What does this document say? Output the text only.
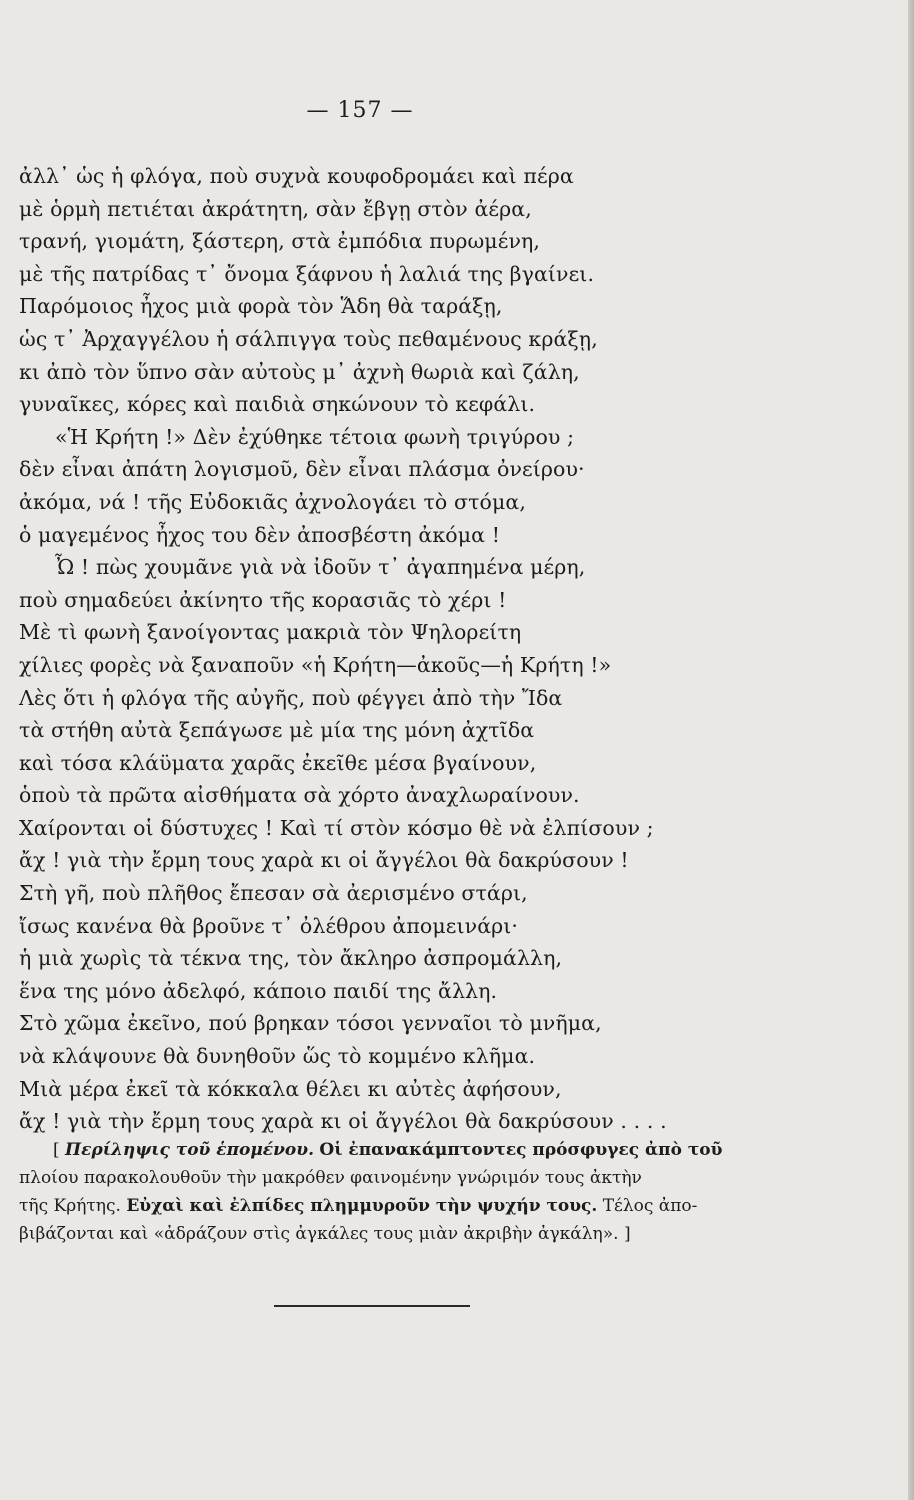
— 157 —
ἀλλ᾽ ὡς ἡ φλόγα, ποὺ συχνὰ κουφοδρομάει καὶ πέρα
μὲ ὁρμὴ πετιέται ἀκράτητη, σὰν ἔβγῃ στὸν ἀέρα,
τρανή, γιομάτη, ξάστερη, στὰ ἐμπόδια πυρωμένη,
μὲ τῆς πατρίδας τ᾽ ὄνομα ξάφνου ἡ λαλιά της βγαίνει.
Παρόμοιος ἦχος μιὰ φορὰ τὸν Ἅδη θὰ ταράξῃ,
ὡς τ᾽ Ἀρχαγγέλου ἡ σάλπιγγα τοὺς πεθαμένους κράξῃ,
κι ἀπὸ τὸν ὕπνο σὰν αὐτοὺς μ᾽ ἀχνὴ θωριὰ καὶ ζάλη,
γυναῖκες, κόρες καὶ παιδιὰ σηκώνουν τὸ κεφάλι.
«Ἡ Κρήτη !» Δὲν ἐχύθηκε τέτοια φωνὴ τριγύρου ;
δὲν εἶναι ἀπάτη λογισμοῦ, δὲν εἶναι πλάσμα ὀνείρου·
ἀκόμα, νά ! τῆς Εὐδοκιᾶς ἀχνολογάει τὸ στόμα,
ὁ μαγεμένος ἦχος του δὲν ἀποσβέστη ἀκόμα !
Ὦ ! πὼς χουμᾶνε γιὰ νὰ ἰδοῦν τ᾽ ἀγαπημένα μέρη,
ποὺ σημαδεύει ἀκίνητο τῆς κορασιᾶς τὸ χέρι !
Μὲ τὶ φωνὴ ξανοίγοντας μακριὰ τὸν Ψηλορείτη
χίλιες φορὲς νὰ ξαναποῦν «ἡ Κρήτη—ἀκοῦς—ἡ Κρήτη !»
Λὲς ὅτι ἡ φλόγα τῆς αὐγῆς, ποὺ φέγγει ἀπὸ τὴν Ἴδα
τὰ στήθη αὐτὰ ξεπάγωσε μὲ μία της μόνη ἀχτῖδα
καὶ τόσα κλάϋματα χαρᾶς ἐκεῖθε μέσα βγαίνουν,
ὁποὺ τὰ πρῶτα αἰσθήματα σὰ χόρτο ἀναχλωραίνουν.
Χαίρονται οἱ δύστυχες ! Καὶ τί στὸν κόσμο θὲ νὰ ἐλπίσουν ;
ἄχ ! γιὰ τὴν ἔρμη τους χαρὰ κι οἱ ἄγγέλοι θὰ δακρύσουν !
Στὴ γῆ, ποὺ πλῆθος ἔπεσαν σὰ ἀερισμένο στάρι,
ἴσως κανένα θὰ βροῦνε τ᾽ ὀλέθρου ἀπομεινάρι·
ἡ μιὰ χωρὶς τὰ τέκνα της, τὸν ἄκληρο ἀσπρομάλλη,
ἕνα της μόνο ἀδελφό, κάποιο παιδί της ἄλλη.
Στὸ χῶμα ἐκεῖνο, πού βρηκαν τόσοι γενναῖοι τὸ μνῆμα,
νὰ κλάψουνε θὰ δυνηθοῦν ὥς τὸ κομμένο κλῆμα.
Μιὰ μέρα ἐκεῖ τὰ κόκκαλα θέλει κι αὐτὲς ἀφήσουν,
ἄχ ! γιὰ τὴν ἔρμη τους χαρὰ κι οἱ ἄγγέλοι θὰ δακρύσουν . . . .
[ Περίληψις τοῦ ἑπομένου. Οἱ ἐπανακάμπτοντες πρόσφυγες ἀπὸ τοῦ
πλοίου παρακολουθοῦν τὴν μακρόθεν φαινομένην γνώριμόν τους ἀκτὴν
τῆς Κρήτης. Εὐχαὶ καὶ ἐλπίδες πλημμυροῦν τὴν ψυχήν τους. Τέλος ἀπο-
βιβάζονται καὶ «ἀδράζουν στὶς ἀγκάλες τους μιὰν ἀκριβὴν ἀγκάλη». ]
